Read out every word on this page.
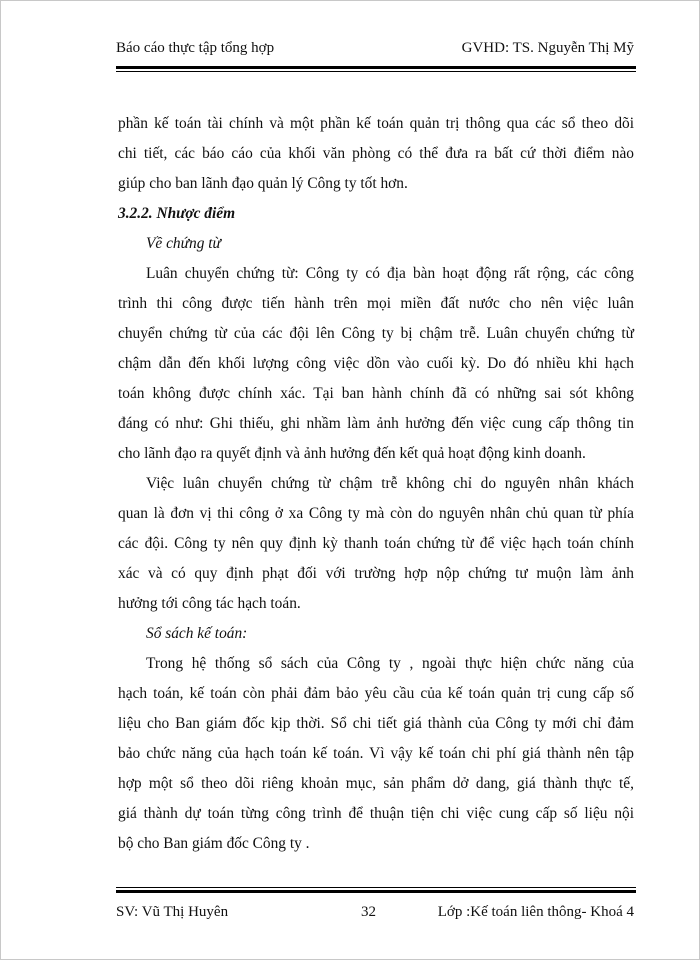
Báo cáo thực tập tổng hợp	GVHD: TS. Nguyễn Thị Mỹ

phần kế toán tài chính và một phần kế toán quản trị thông qua các sổ theo dõi

chi tiết, các báo cáo của khối văn phòng có thể đưa ra bất cứ thời điểm nào

giúp cho ban lãnh đạo quản lý Công ty tốt hơn.

3.2.2. Nhược điểm

Về chứng từ

Luân chuyển chứng từ: Công ty có địa bàn hoạt động rất rộng, các công

trình thi công được tiến hành trên mọi miền đất nước cho nên việc luân

chuyển chứng từ của các đội lên Công ty bị chậm trễ. Luân chuyển chứng từ

chậm dẫn đến khối lượng công việc dồn vào cuối kỳ. Do đó nhiều khi hạch

toán không được chính xác. Tại ban hành chính đã có những sai sót không

đáng có như: Ghi thiếu, ghi nhầm làm ảnh hưởng đến việc cung cấp thông tin

cho lãnh đạo ra quyết định và ảnh hưởng đến kết quả hoạt động kinh doanh.

Việc luân chuyển chứng từ chậm trễ không chỉ do nguyên nhân khách

quan là đơn vị thi công ở xa Công ty mà còn do nguyên nhân chủ quan từ phía

các đội. Công ty nên quy định kỳ thanh toán chứng từ để việc hạch toán chính

xác và có quy định phạt đối với trường hợp nộp chứng tư muộn làm ảnh

hưởng tới công tác hạch toán.

Sổ sách kế toán:

Trong hệ thống sổ sách của Công ty , ngoài thực hiện chức năng của

hạch toán, kế toán còn phải đảm bảo yêu cầu của kế toán quản trị cung cấp số

liệu cho Ban giám đốc kịp thời. Sổ chi tiết giá thành của Công ty mới chỉ đảm

bảo chức năng của hạch toán kế toán. Vì vậy kế toán chi phí giá thành nên tập

hợp một sổ theo dõi riêng khoản mục, sản phẩm dở dang, giá thành thực tế,

giá thành dự toán từng công trình để thuận tiện chi việc cung cấp số liệu nội

bộ cho Ban giám đốc Công ty .

SV: Vũ Thị Huyên	32	Lớp :Kế toán liên thông- Khoá 4
